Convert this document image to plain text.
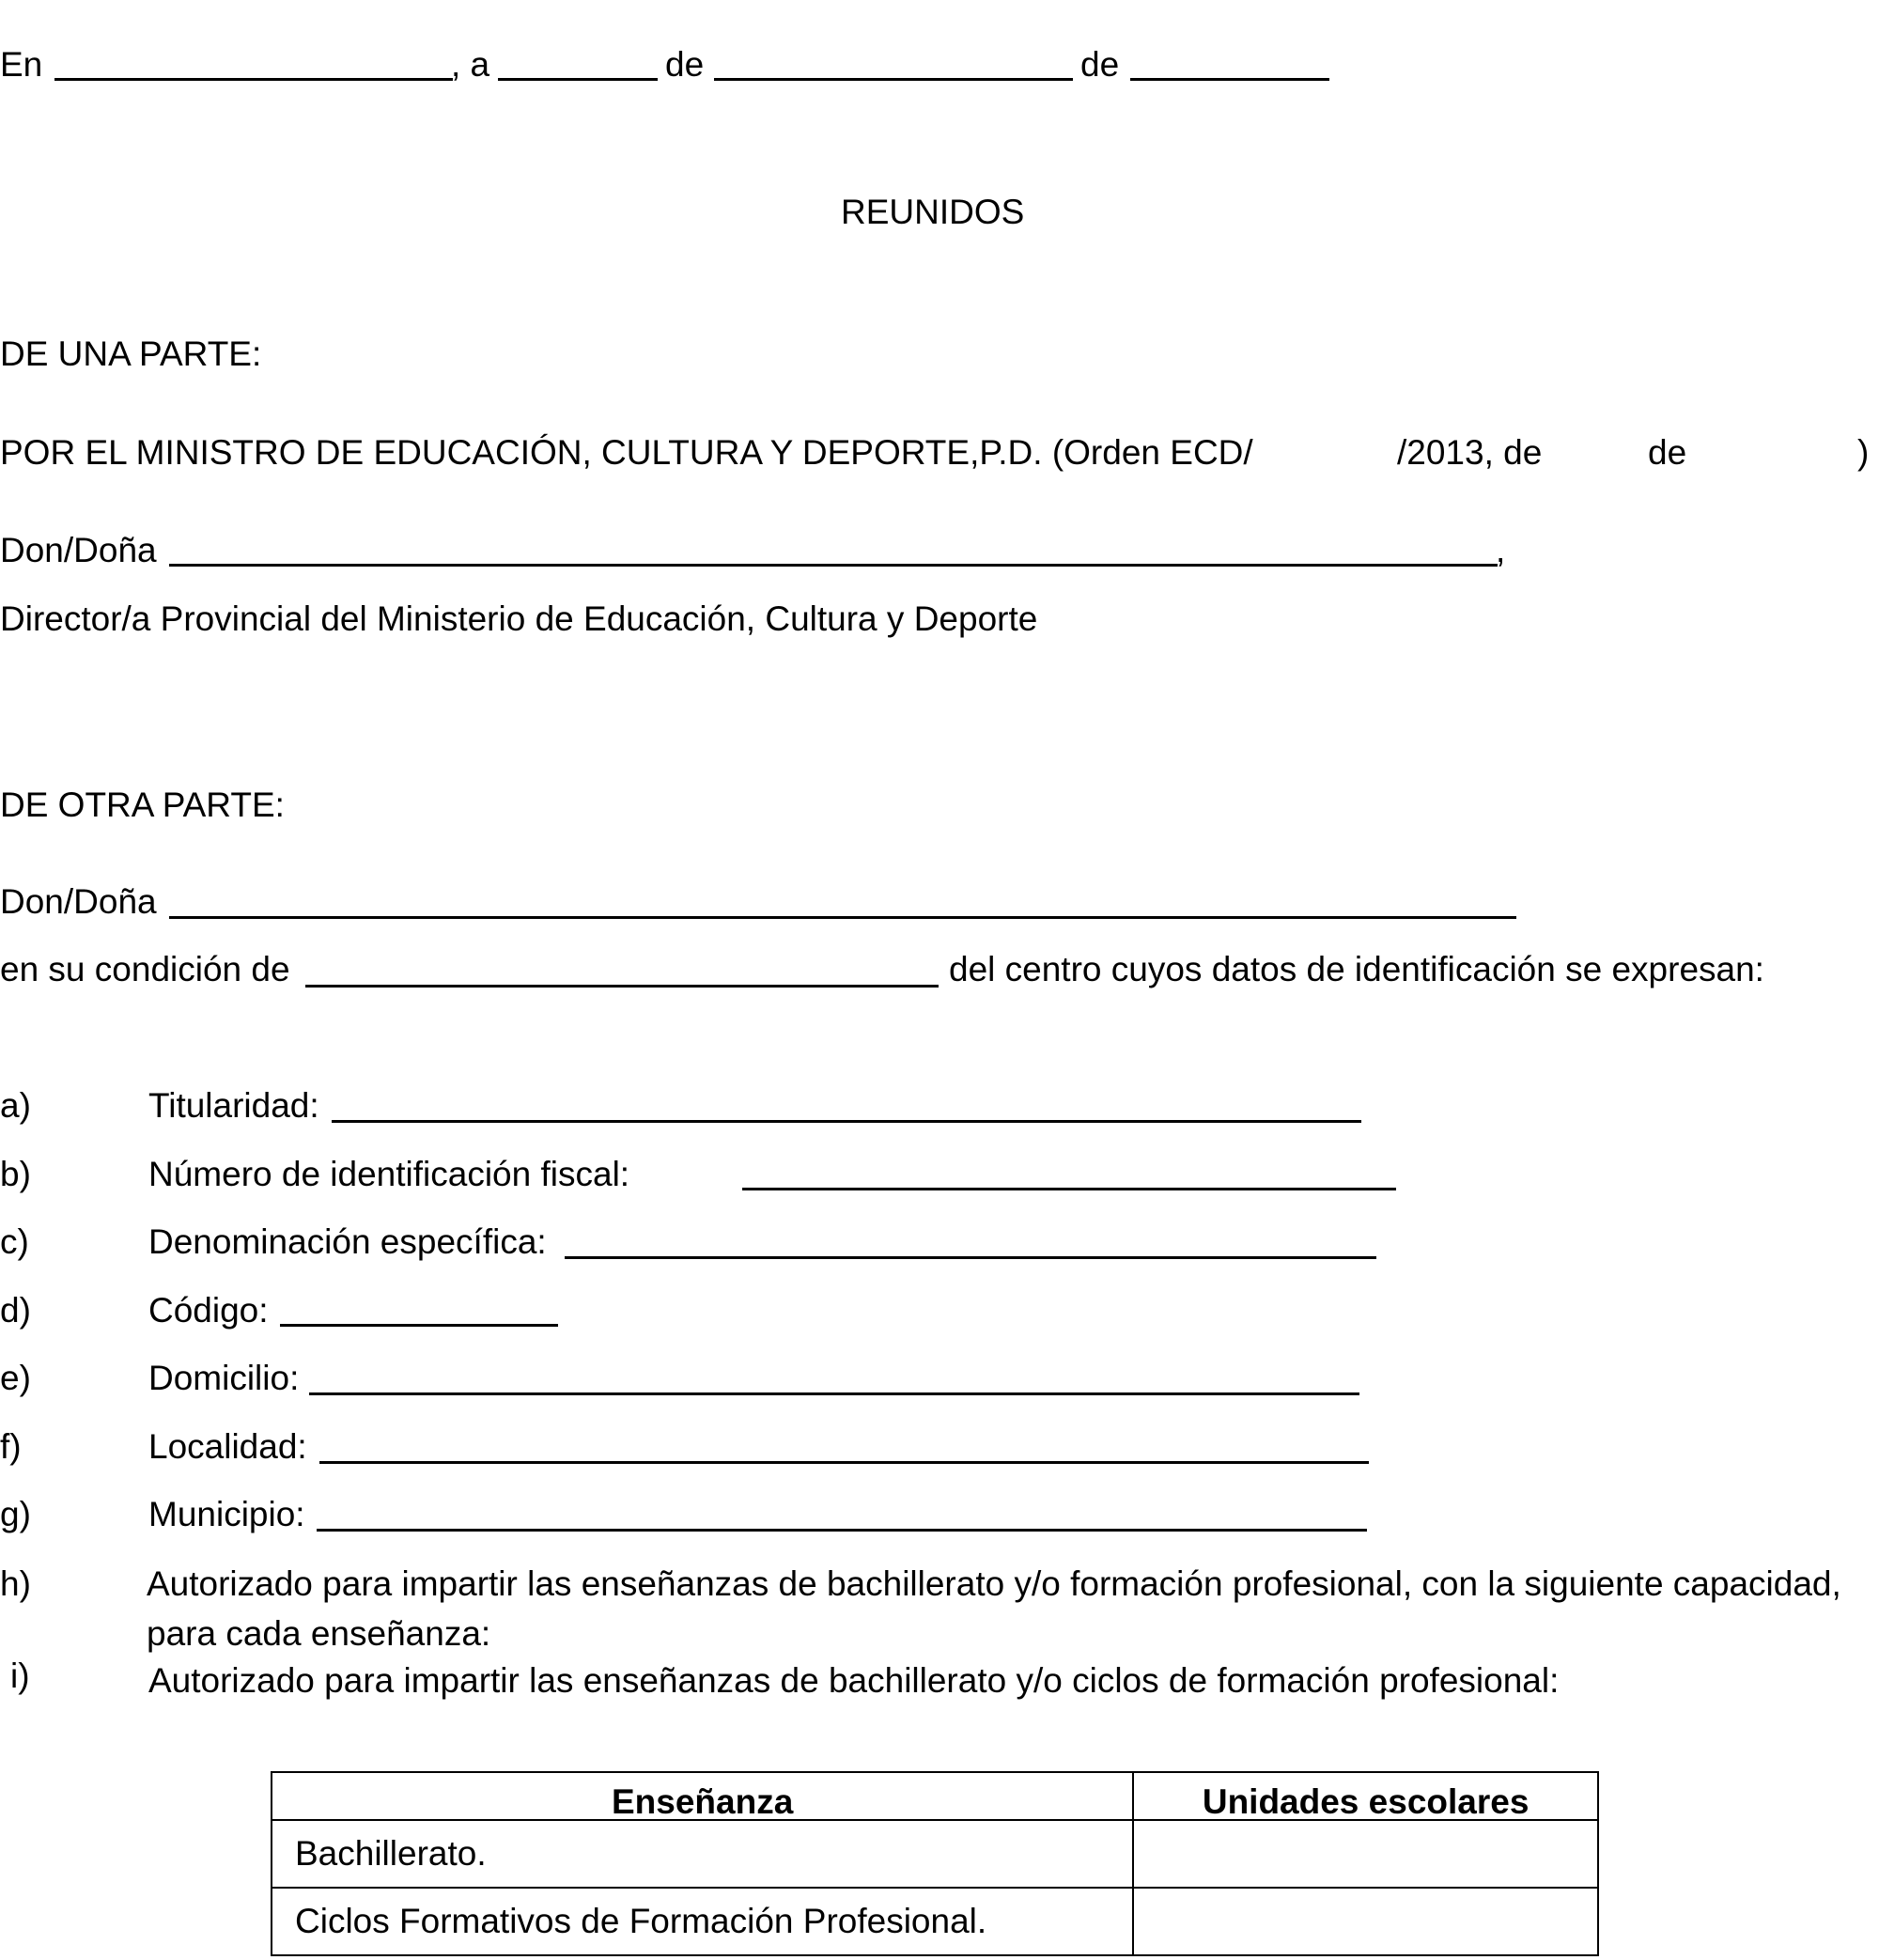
En	, a	de	de
REUNIDOS
DE UNA PARTE:
POR EL MINISTRO DE EDUCACIÓN, CULTURA Y DEPORTE,P.D. (Orden ECD/	/2013, de	de	)
Don/Doña	,
Director/a Provincial del Ministerio de Educación, Cultura y Deporte
DE OTRA PARTE:
Don/Doña
en su condición de	del centro cuyos datos de identificación se expresan:
a)	Titularidad:
b)	Número de identificación fiscal:
c)	Denominación específica:
d)	Código:
e)	Domicilio:
f)	Localidad:
g)	Municipio:
h)	Autorizado para impartir las enseñanzas de bachillerato y/o formación profesional, con la siguiente capacidad,
para cada enseñanza:
i)	Autorizado para impartir las enseñanzas de bachillerato y/o ciclos de formación profesional:
Enseñanza	Unidades escolares
Bachillerato.	
Ciclos Formativos de Formación Profesional.	
